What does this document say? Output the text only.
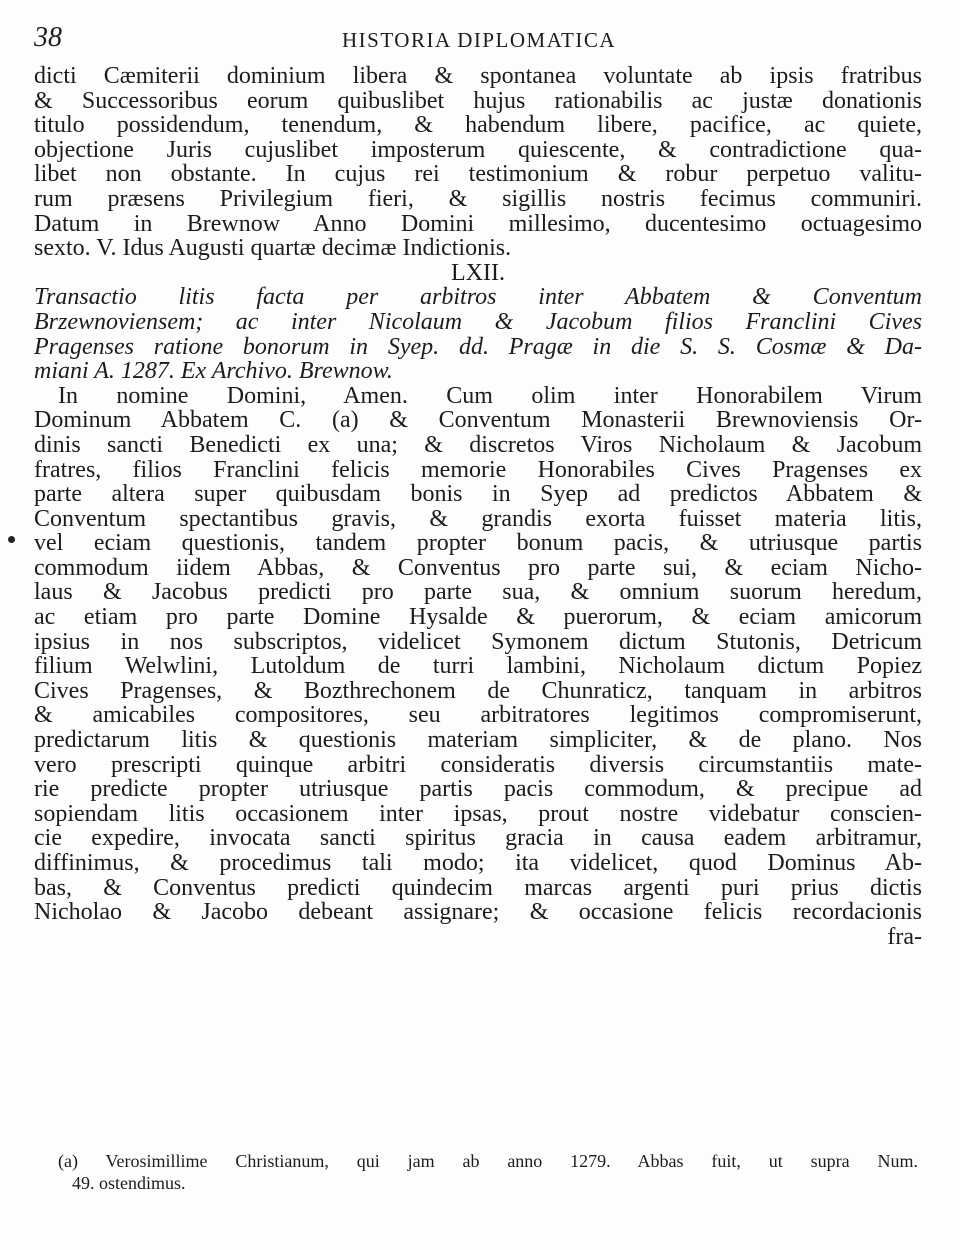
38	HISTORIA DIPLOMATICA
dicti Cæmiterii dominium libera & spontanea voluntate ab ipsis fratribus
& Successoribus eorum quibuslibet hujus rationabilis ac justæ donationis
titulo possidendum, tenendum, & habendum libere, pacifice, ac quiete,
objectione Juris cujuslibet imposterum quiescente, & contradictione qua-
libet non obstante. In cujus rei testimonium & robur perpetuo valitu-
rum præsens Privilegium fieri, & sigillis nostris fecimus communiri.
Datum in Brewnow Anno Domini millesimo, ducentesimo octuagesimo
sexto. V. Idus Augusti quartæ decimæ Indictionis.
LXII.
Transactio litis facta per arbitros inter Abbatem & Conventum
Brzewnoviensem; ac inter Nicolaum & Jacobum filios Franclini Cives
Pragenses ratione bonorum in Syep. dd. Pragæ in die S. S. Cosmæ & Da-
miani A. 1287. Ex Archivo. Brewnow.
In nomine Domini, Amen. Cum olim inter Honorabilem Virum
Dominum Abbatem C. (a) & Conventum Monasterii Brewnoviensis Or-
dinis sancti Benedicti ex una; & discretos Viros Nicholaum & Jacobum
fratres, filios Franclini felicis memorie Honorabiles Cives Pragenses ex
parte altera super quibusdam bonis in Syep ad predictos Abbatem &
Conventum spectantibus gravis, & grandis exorta fuisset materia litis,
vel eciam questionis, tandem propter bonum pacis, & utriusque partis
commodum iidem Abbas, & Conventus pro parte sui, & eciam Nicho-
laus & Jacobus predicti pro parte sua, & omnium suorum heredum,
ac etiam pro parte Domine Hysalde & puerorum, & eciam amicorum
ipsius in nos subscriptos, videlicet Symonem dictum Stutonis, Detricum
filium Welwlini, Lutoldum de turri lambini, Nicholaum dictum Popiez
Cives Pragenses, & Bozthrechonem de Chunraticz, tanquam in arbitros
& amicabiles compositores, seu arbitratores legitimos compromiserunt,
predictarum litis & questionis materiam simpliciter, & de plano. Nos
vero prescripti quinque arbitri consideratis diversis circumstantiis mate-
rie predicte propter utriusque partis pacis commodum, & precipue ad
sopiendam litis occasionem inter ipsas, prout nostre videbatur conscien-
cie expedire, invocata sancti spiritus gracia in causa eadem arbitramur,
diffinimus, & procedimus tali modo; ita videlicet, quod Dominus Ab-
bas, & Conventus predicti quindecim marcas argenti puri prius dictis
Nicholao & Jacobo debeant assignare; & occasione felicis recordacionis
fra-
(a) Verosimillime Christianum, qui jam ab anno 1279. Abbas fuit, ut supra Num.
49. ostendimus.
